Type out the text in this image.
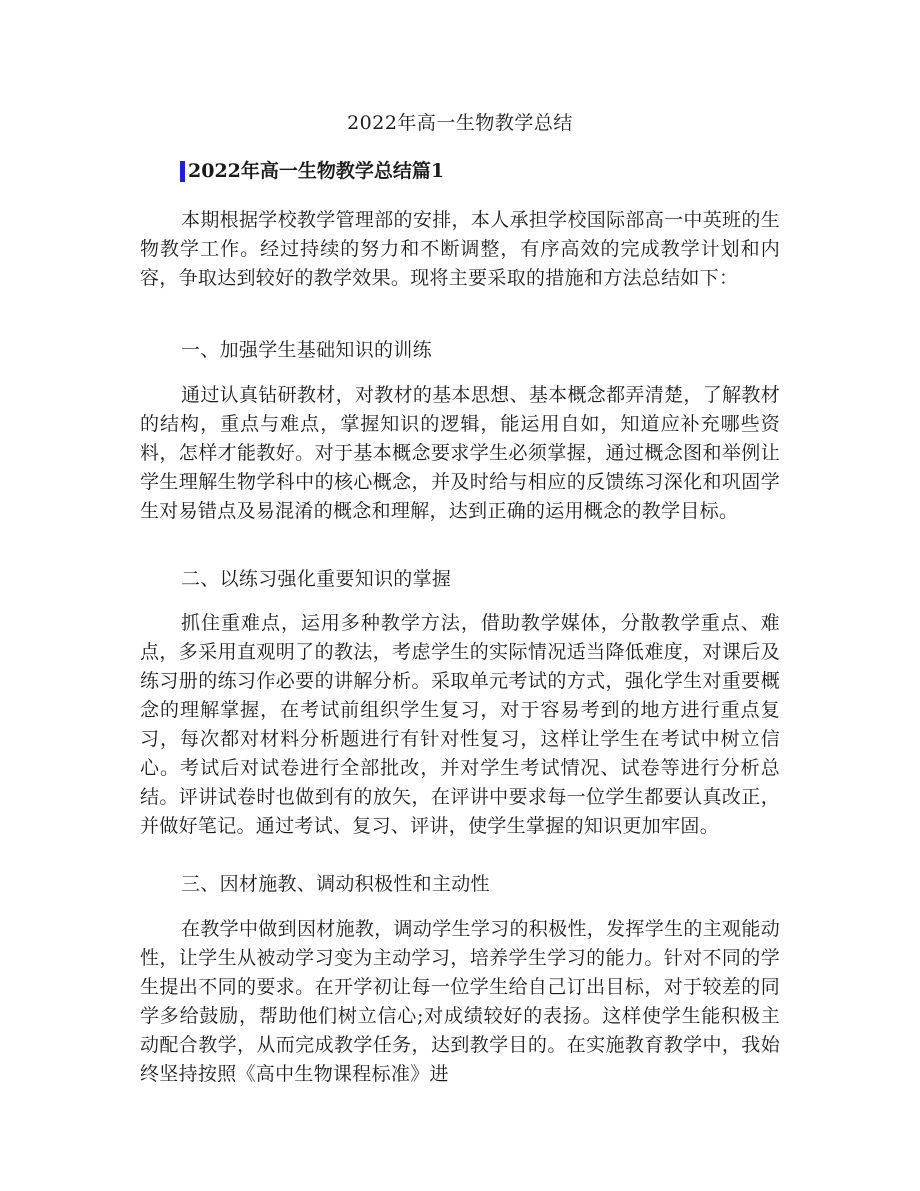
2022年高一生物教学总结
2022年高一生物教学总结篇1

本期根据学校教学管理部的安排，本人承担学校国际部高一中英班的生物教学工作。经过持续的努力和不断调整，有序高效的完成教学计划和内容，争取达到较好的教学效果。现将主要采取的措施和方法总结如下：

一、加强学生基础知识的训练

通过认真钻研教材，对教材的基本思想、基本概念都弄清楚，了解教材的结构，重点与难点，掌握知识的逻辑，能运用自如，知道应补充哪些资料，怎样才能教好。对于基本概念要求学生必须掌握，通过概念图和举例让学生理解生物学科中的核心概念，并及时给与相应的反馈练习深化和巩固学生对易错点及易混淆的概念和理解，达到正确的运用概念的教学目标。

二、以练习强化重要知识的掌握

抓住重难点，运用多种教学方法，借助教学媒体，分散教学重点、难点，多采用直观明了的教法，考虑学生的实际情况适当降低难度，对课后及练习册的练习作必要的讲解分析。采取单元考试的方式，强化学生对重要概念的理解掌握，在考试前组织学生复习，对于容易考到的地方进行重点复习，每次都对材料分析题进行有针对性复习，这样让学生在考试中树立信心。考试后对试卷进行全部批改，并对学生考试情况、试卷等进行分析总结。评讲试卷时也做到有的放矢，在评讲中要求每一位学生都要认真改正，并做好笔记。通过考试、复习、评讲，使学生掌握的知识更加牢固。

三、因材施教、调动积极性和主动性

在教学中做到因材施教，调动学生学习的积极性，发挥学生的主观能动性，让学生从被动学习变为主动学习，培养学生学习的能力。针对不同的学生提出不同的要求。在开学初让每一位学生给自己订出目标，对于较差的同学多给鼓励，帮助他们树立信心;对成绩较好的表扬。这样使学生能积极主动配合教学，从而完成教学任务，达到教学目的。在实施教育教学中，我始终坚持按照《高中生物课程标准》进
